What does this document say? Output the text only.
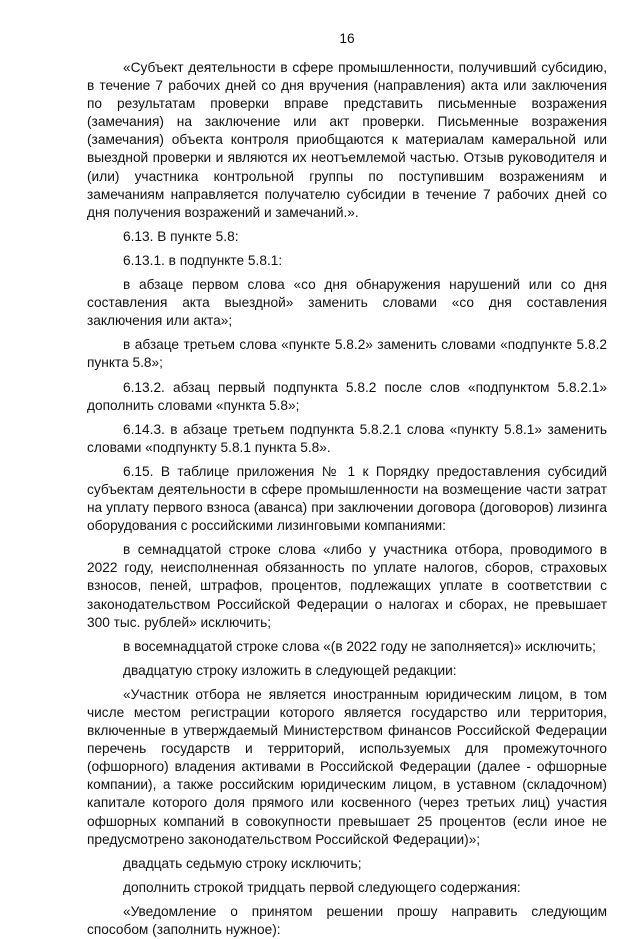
16

«Субъект деятельности в сфере промышленности, получивший субсидию, в течение 7 рабочих дней со дня вручения (направления) акта или заключения по результатам проверки вправе представить письменные возражения (замечания) на заключение или акт проверки. Письменные возражения (замечания) объекта контроля приобщаются к материалам камеральной или выездной проверки и являются их неотъемлемой частью. Отзыв руководителя и (или) участника контрольной группы по поступившим возражениям и замечаниям направляется получателю субсидии в течение 7 рабочих дней со дня получения возражений и замечаний.».

6.13. В пункте 5.8:

6.13.1. в подпункте 5.8.1:

в абзаце первом слова «со дня обнаружения нарушений или со дня составления акта выездной» заменить словами «со дня составления заключения или акта»;

в абзаце третьем слова «пункте 5.8.2» заменить словами «подпункте 5.8.2 пункта 5.8»;

6.13.2. абзац первый подпункта 5.8.2 после слов «подпунктом 5.8.2.1» дополнить словами «пункта 5.8»;

6.14.3. в абзаце третьем подпункта 5.8.2.1 слова «пункту 5.8.1» заменить словами «подпункту 5.8.1 пункта 5.8».

6.15. В таблице приложения № 1 к Порядку предоставления субсидий субъектам деятельности в сфере промышленности на возмещение части затрат на уплату первого взноса (аванса) при заключении договора (договоров) лизинга оборудования с российскими лизинговыми компаниями:

в семнадцатой строке слова «либо у участника отбора, проводимого в 2022 году, неисполненная обязанность по уплате налогов, сборов, страховых взносов, пеней, штрафов, процентов, подлежащих уплате в соответствии с законодательством Российской Федерации о налогах и сборах, не превышает 300 тыс. рублей» исключить;

в восемнадцатой строке слова «(в 2022 году не заполняется)» исключить;

двадцатую строку изложить в следующей редакции:

«Участник отбора не является иностранным юридическим лицом, в том числе местом регистрации которого является государство или территория, включенные в утверждаемый Министерством финансов Российской Федерации перечень государств и территорий, используемых для промежуточного (офшорного) владения активами в Российской Федерации (далее - офшорные компании), а также российским юридическим лицом, в уставном (складочном) капитале которого доля прямого или косвенного (через третьих лиц) участия офшорных компаний в совокупности превышает 25 процентов (если иное не предусмотрено законодательством Российской Федерации)»;

двадцать седьмую строку исключить;

дополнить строкой тридцать первой следующего содержания:

«Уведомление о принятом решении прошу направить следующим способом (заполнить нужное):
